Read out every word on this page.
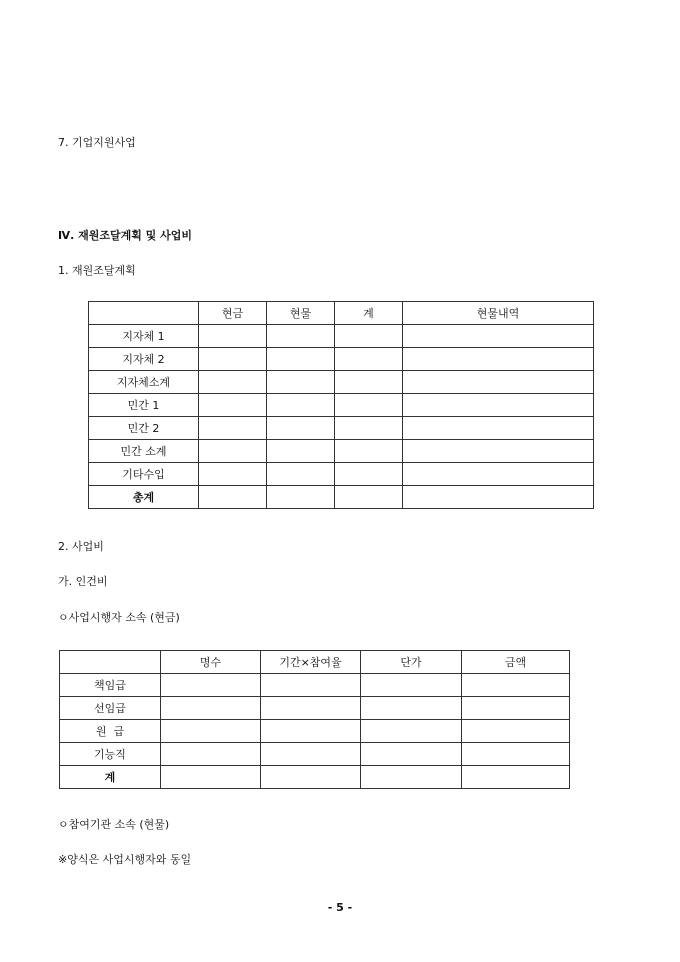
7. 기업지원사업
Ⅳ. 재원조달계획 및 사업비
1. 재원조달계획
	현금	현물	계	현물내역
지자체 1				
지자체 2				
지자체소계				
민간 1				
민간 2				
민간 소계				
기타수입				
총계				
2. 사업비
가. 인건비
ㅇ사업시행자 소속 (현금)
	명수	기간×참여율	단가	금액
책임급				
선임급				
원  급				
기능직				
계				
ㅇ참여기관 소속 (현물)
※양식은 사업시행자와 동일
- 5 -
